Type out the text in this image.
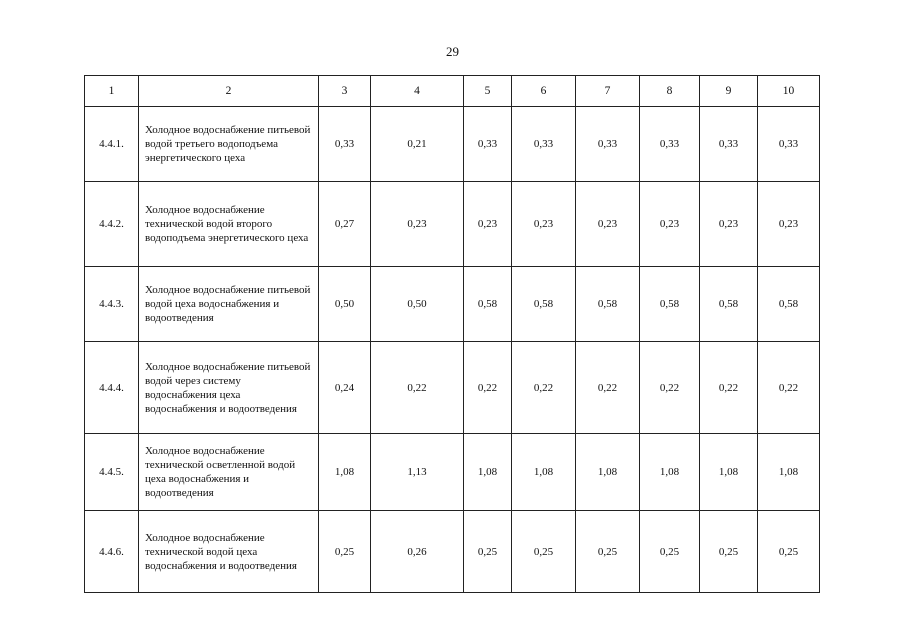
29
1	2	3	4	5	6	7	8	9	10
4.4.1.	Холодное водоснабжение питьевой водой третьего водоподъема энергетического цеха	0,33	0,21	0,33	0,33	0,33	0,33	0,33	0,33
4.4.2.	Холодное водоснабжение технической водой второго водоподъема энергетического цеха	0,27	0,23	0,23	0,23	0,23	0,23	0,23	0,23
4.4.3.	Холодное водоснабжение питьевой водой цеха водоснабжения и водоотведения	0,50	0,50	0,58	0,58	0,58	0,58	0,58	0,58
4.4.4.	Холодное водоснабжение питьевой водой через систему водоснабжения цеха водоснабжения и водоотведения	0,24	0,22	0,22	0,22	0,22	0,22	0,22	0,22
4.4.5.	Холодное водоснабжение технической осветленной водой цеха водоснабжения и водоотведения	1,08	1,13	1,08	1,08	1,08	1,08	1,08	1,08
4.4.6.	Холодное водоснабжение технической водой цеха водоснабжения и водоотведения	0,25	0,26	0,25	0,25	0,25	0,25	0,25	0,25
